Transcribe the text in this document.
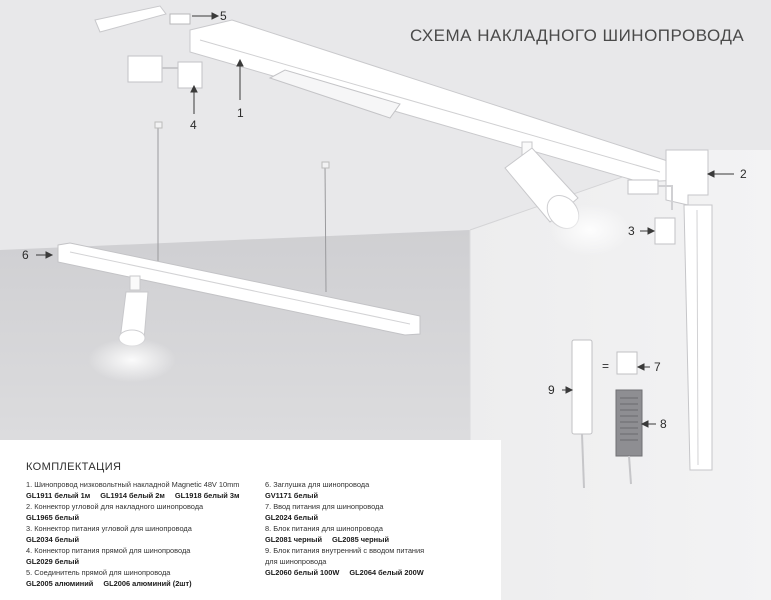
СХЕМА НАКЛАДНОГО ШИНОПРОВОДА
1
2
3
4
5
6
7
8
9
=
КОМПЛЕКТАЦИЯ
1. Шинопровод низковольтный накладной Magnetic 48V 10mm
GL1911 белый 1м GL1914 белый 2м GL1918 белый 3м
2. Коннектор угловой для накладного шинопровода
GL1965 белый
3. Коннектор питания угловой для шинопровода
GL2034 белый
4. Коннектор питания прямой для шинопровода
GL2029 белый
5. Соединитель прямой для шинопровода
GL2005 алюминий GL2006 алюминий (2шт)
6. Заглушка для шинопровода
GV1171 белый
7. Ввод питания для шинопровода
GL2024 белый
8. Блок питания для шинопровода
GL2081 черный GL2085 черный
9. Блок питания внутренний с вводом питания
для шинопровода
GL2060 белый 100W GL2064 белый 200W
